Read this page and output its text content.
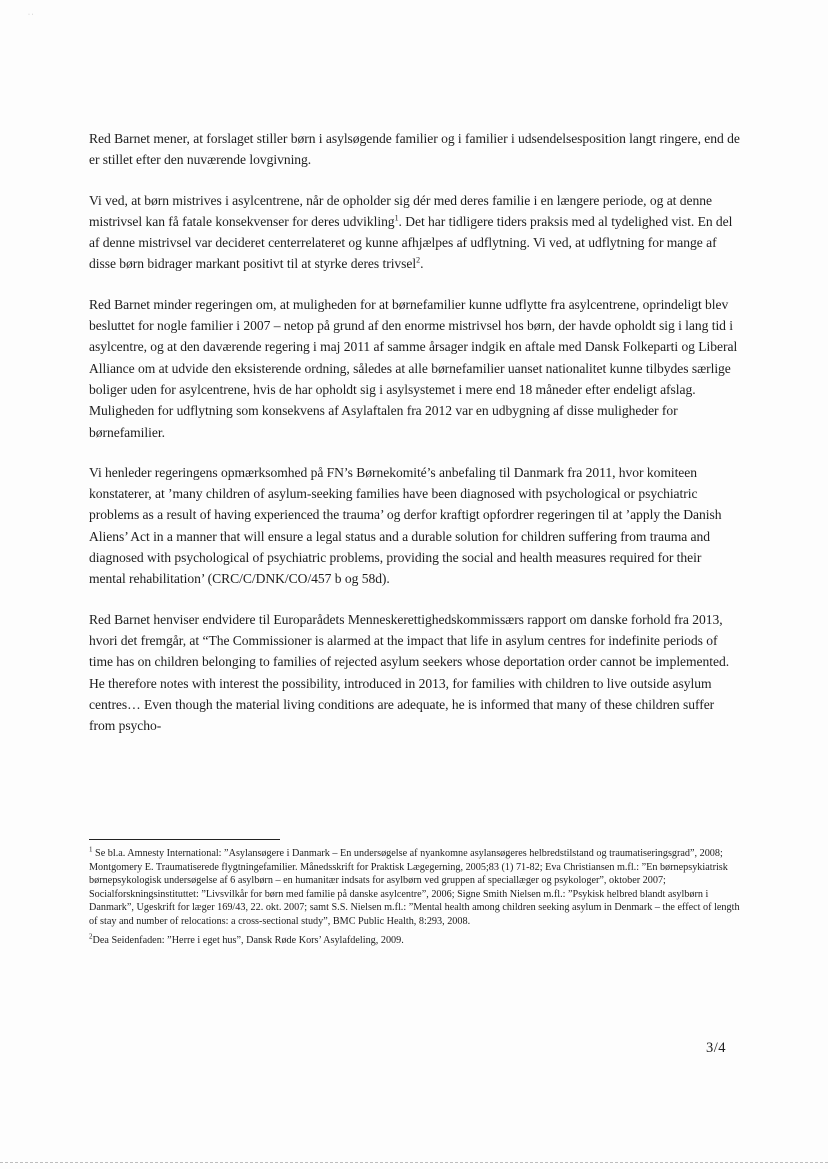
· ·

Red Barnet mener, at forslaget stiller børn i asylsøgende familier og i familier i udsendelsesposition langt ringere, end de er stillet efter den nuværende lovgivning.

Vi ved, at børn mistrives i asylcentrene, når de opholder sig dér med deres familie i en længere periode, og at denne mistrivsel kan få fatale konsekvenser for deres udvikling$^1$. Det har tidligere tiders praksis med al tydelighed vist. En del af denne mistrivsel var decideret centerrelateret og kunne afhjælpes af udflytning. Vi ved, at udflytning for mange af disse børn bidrager markant positivt til at styrke deres trivsel$^2$.

Red Barnet minder regeringen om, at muligheden for at børnefamilier kunne udflytte fra asylcentrene, oprindeligt blev besluttet for nogle familier i 2007 – netop på grund af den enorme mistrivsel hos børn, der havde opholdt sig i lang tid i asylcentre, og at den daværende regering i maj 2011 af samme årsager indgik en aftale med Dansk Folkeparti og Liberal Alliance om at udvide den eksisterende ordning, således at alle børnefamilier uanset nationalitet kunne tilbydes særlige boliger uden for asylcentrene, hvis de har opholdt sig i asylsystemet i mere end 18 måneder efter endeligt afslag. Muligheden for udflytning som konsekvens af Asylaftalen fra 2012 var en udbygning af disse muligheder for børnefamilier.

Vi henleder regeringens opmærksomhed på FN’s Børnekomité’s anbefaling til Danmark fra 2011, hvor komiteen konstaterer, at ’many children of asylum-seeking families have been diagnosed with psychological or psychiatric problems as a result of having experienced the trauma’ og derfor kraftigt opfordrer regeringen til at ’apply the Danish Aliens’ Act in a manner that will ensure a legal status and a durable solution for children suffering from trauma and diagnosed with psychological of psychiatric problems, providing the social and health measures required for their mental rehabilitation’ (CRC/C/DNK/CO/457 b og 58d).

Red Barnet henviser endvidere til Europarådets Menneskerettighedskommissærs rapport om danske forhold fra 2013, hvori det fremgår, at “The Commissioner is alarmed at the impact that life in asylum centres for indefinite periods of time has on children belonging to families of rejected asylum seekers whose deportation order cannot be implemented. He therefore notes with interest the possibility, introduced in 2013, for families with children to live outside asylum centres… Even though the material living conditions are adequate, he is informed that many of these children suffer from psycho-

$^1$ Se bl.a. Amnesty International: ”Asylansøgere i Danmark – En undersøgelse af nyankomne asylansøgeres helbredstilstand og traumatiseringsgrad”, 2008; Montgomery E. Traumatiserede flygtningefamilier. Månedsskrift for Praktisk Lægegerning, 2005;83 (1) 71-82; Eva Christiansen m.fl.: ”En børnepsykiatrisk børnepsykologisk undersøgelse af 6 asylbørn – en humanitær indsats for asylbørn ved gruppen af speciallæger og psykologer”, oktober 2007; Socialforskningsinstituttet: ”Livsvilkår for børn med familie på danske asylcentre”, 2006; Signe Smith Nielsen m.fl.: ”Psykisk helbred blandt asylbørn i Danmark”, Ugeskrift for læger 169/43, 22. okt. 2007; samt S.S. Nielsen m.fl.: ”Mental health among children seeking asylum in Denmark – the effect of length of stay and number of relocations: a cross-sectional study”, BMC Public Health, 8:293, 2008.

$^2$Dea Seidenfaden: ”Herre i eget hus”, Dansk Røde Kors’ Asylafdeling, 2009.

3/4
